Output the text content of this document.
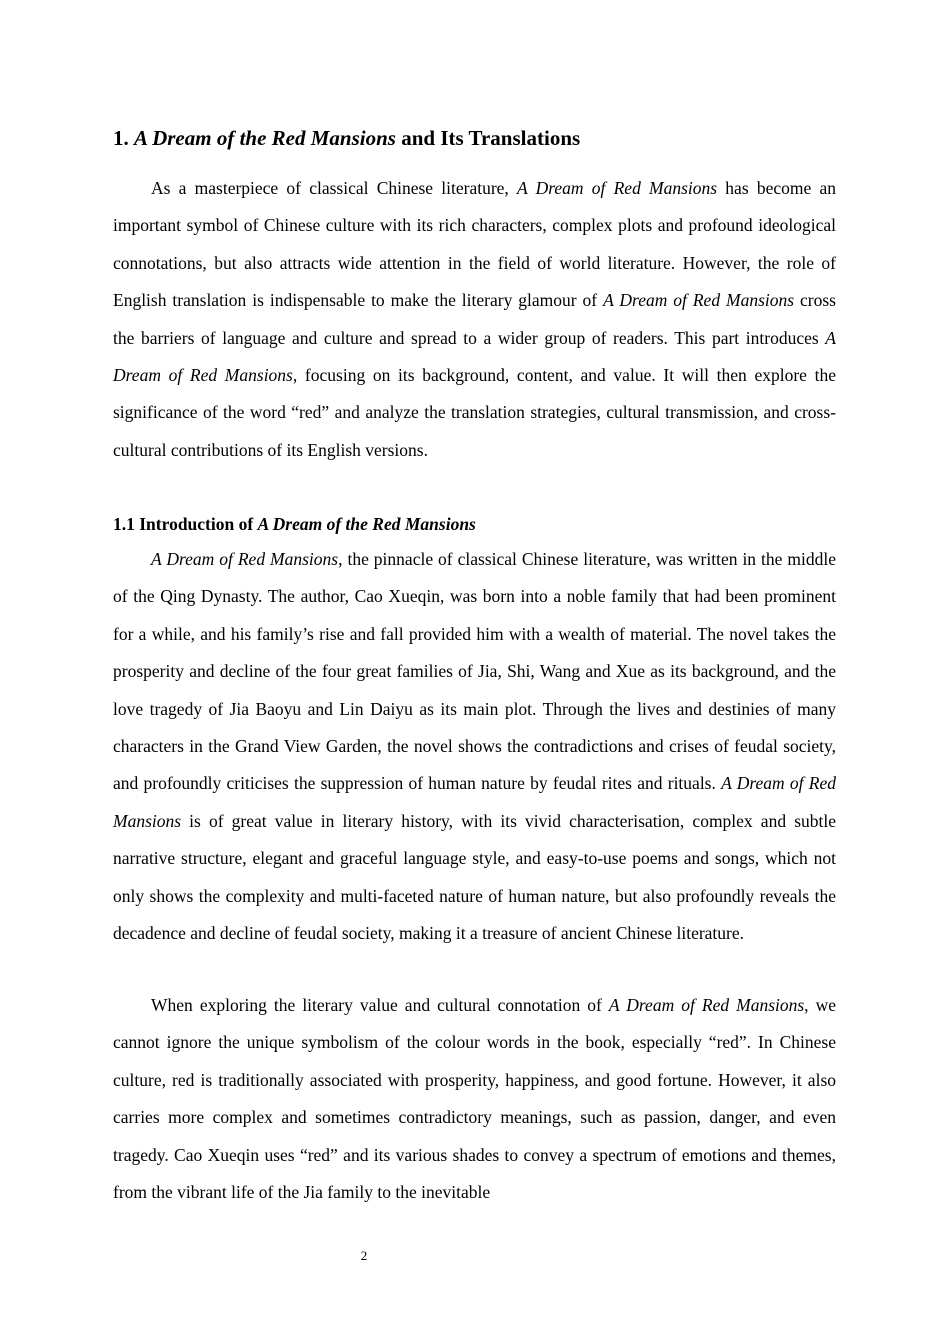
1. A Dream of the Red Mansions and Its Translations

As a masterpiece of classical Chinese literature, A Dream of Red Mansions has become an important symbol of Chinese culture with its rich characters, complex plots and profound ideological connotations, but also attracts wide attention in the field of world literature. However, the role of English translation is indispensable to make the literary glamour of A Dream of Red Mansions cross the barriers of language and culture and spread to a wider group of readers. This part introduces A Dream of Red Mansions, focusing on its background, content, and value. It will then explore the significance of the word “red” and analyze the translation strategies, cultural transmission, and cross-cultural contributions of its English versions.

1.1 Introduction of A Dream of the Red Mansions

A Dream of Red Mansions, the pinnacle of classical Chinese literature, was written in the middle of the Qing Dynasty. The author, Cao Xueqin, was born into a noble family that had been prominent for a while, and his family’s rise and fall provided him with a wealth of material. The novel takes the prosperity and decline of the four great families of Jia, Shi, Wang and Xue as its background, and the love tragedy of Jia Baoyu and Lin Daiyu as its main plot. Through the lives and destinies of many characters in the Grand View Garden, the novel shows the contradictions and crises of feudal society, and profoundly criticises the suppression of human nature by feudal rites and rituals. A Dream of Red Mansions is of great value in literary history, with its vivid characterisation, complex and subtle narrative structure, elegant and graceful language style, and easy-to-use poems and songs, which not only shows the complexity and multi-faceted nature of human nature, but also profoundly reveals the decadence and decline of feudal society, making it a treasure of ancient Chinese literature.

When exploring the literary value and cultural connotation of A Dream of Red Mansions, we cannot ignore the unique symbolism of the colour words in the book, especially “red”. In Chinese culture, red is traditionally associated with prosperity, happiness, and good fortune. However, it also carries more complex and sometimes contradictory meanings, such as passion, danger, and even tragedy. Cao Xueqin uses “red” and its various shades to convey a spectrum of emotions and themes, from the vibrant life of the Jia family to the inevitable

2
